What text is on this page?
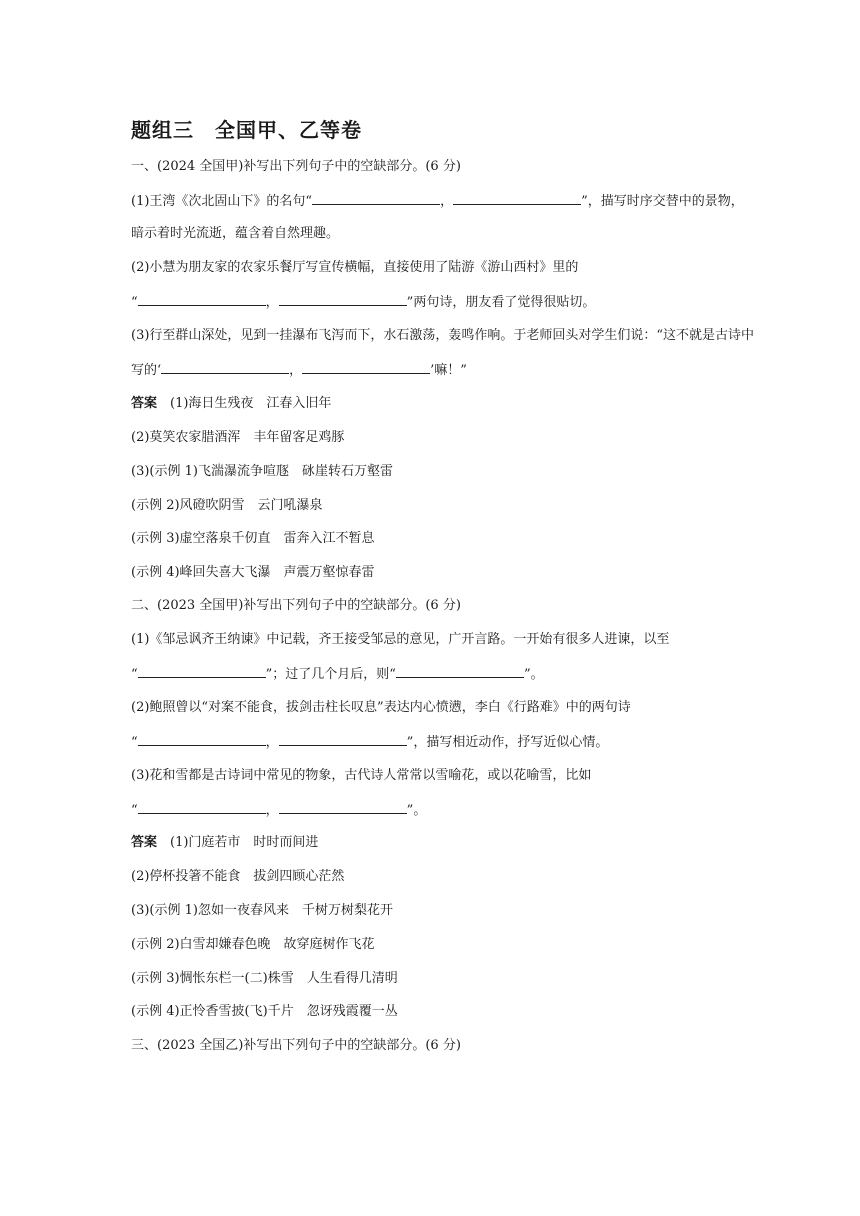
题组三　全国甲、乙等卷
一、(2024 全国甲)补写出下列句子中的空缺部分。(6 分)
(1)王湾《次北固山下》的名句“	，	”，描写时序交替中的景物，
暗示着时光流逝，蕴含着自然理趣。
(2)小慧为朋友家的农家乐餐厅写宣传横幅，直接使用了陆游《游山西村》里的
“	，	”两句诗，朋友看了觉得很贴切。
(3)行至群山深处，见到一挂瀑布飞泻而下，水石激荡，轰鸣作响。于老师回头对学生们说：“这不就是古诗中
写的‘	，	’嘛！”
答案　(1)海日生残夜　江春入旧年
(2)莫笑农家腊酒浑　丰年留客足鸡豚
(3)(示例 1)飞湍瀑流争喧豗　砯崖转石万壑雷
(示例 2)风磴吹阴雪　云门吼瀑泉
(示例 3)虚空落泉千仞直　雷奔入江不暂息
(示例 4)峰回失喜大飞瀑　声震万壑惊春雷
二、(2023 全国甲)补写出下列句子中的空缺部分。(6 分)
(1)《邹忌讽齐王纳谏》中记载，齐王接受邹忌的意见，广开言路。一开始有很多人进谏，以至
“	”；过了几个月后，则“	”。
(2)鲍照曾以“对案不能食，拔剑击柱长叹息”表达内心愤懑，李白《行路难》中的两句诗
“	，	”，描写相近动作，抒写近似心情。
(3)花和雪都是古诗词中常见的物象，古代诗人常常以雪喻花，或以花喻雪，比如
“	，	”。
答案　(1)门庭若市　时时而间进
(2)停杯投箸不能食　拔剑四顾心茫然
(3)(示例 1)忽如一夜春风来　千树万树梨花开
(示例 2)白雪却嫌春色晚　故穿庭树作飞花
(示例 3)惆怅东栏一(二)株雪　人生看得几清明
(示例 4)正怜香雪披(飞)千片　忽讶残霞覆一丛
三、(2023 全国乙)补写出下列句子中的空缺部分。(6 分)
